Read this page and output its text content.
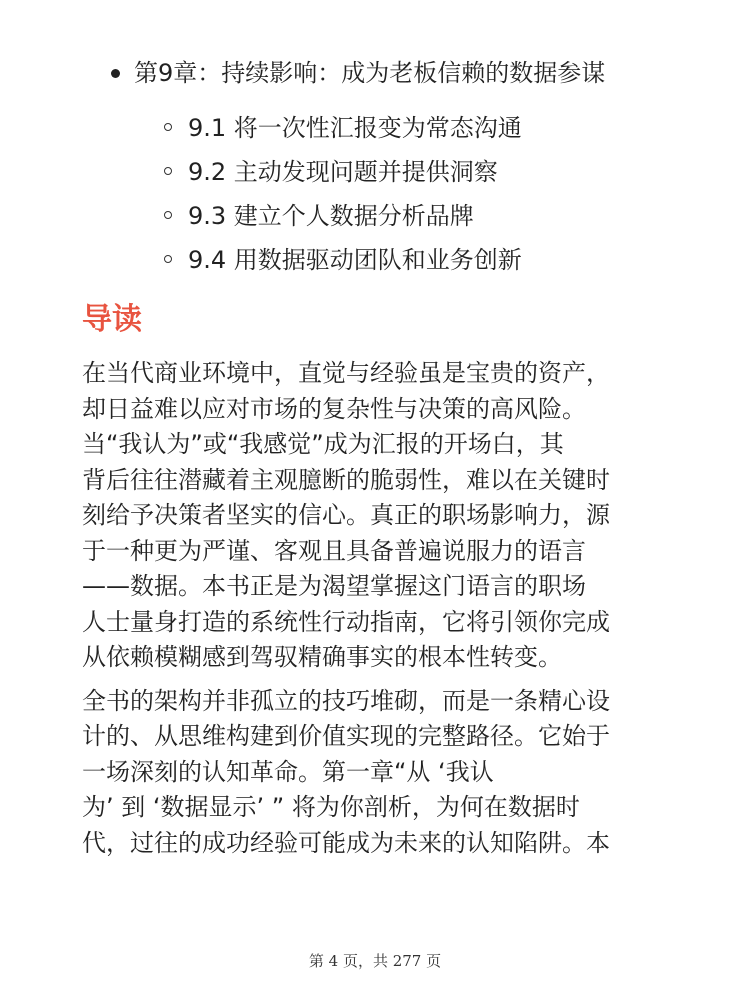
第9章：持续影响：成为老板信赖的数据参谋
9.1 将一次性汇报变为常态沟通
9.2 主动发现问题并提供洞察
9.3 建立个人数据分析品牌
9.4 用数据驱动团队和业务创新
导读

在当代商业环境中，直觉与经验虽是宝贵的资产，
却日益难以应对市场的复杂性与决策的高风险。
当“我认为”或“我感觉”成为汇报的开场白，其
背后往往潜藏着主观臆断的脆弱性，难以在关键时
刻给予决策者坚实的信心。真正的职场影响力，源
于一种更为严谨、客观且具备普遍说服力的语言
——数据。本书正是为渴望掌握这门语言的职场
人士量身打造的系统性行动指南，它将引领你完成
从依赖模糊感到驾驭精确事实的根本性转变。

全书的架构并非孤立的技巧堆砌，而是一条精心设
计的、从思维构建到价值实现的完整路径。它始于
一场深刻的认知革命。第一章“从 ‘我认
为’ 到 ‘数据显示’ ” 将为你剖析，为何在数据时
代，过往的成功经验可能成为未来的认知陷阱。本

第 4 页，共 277 页
